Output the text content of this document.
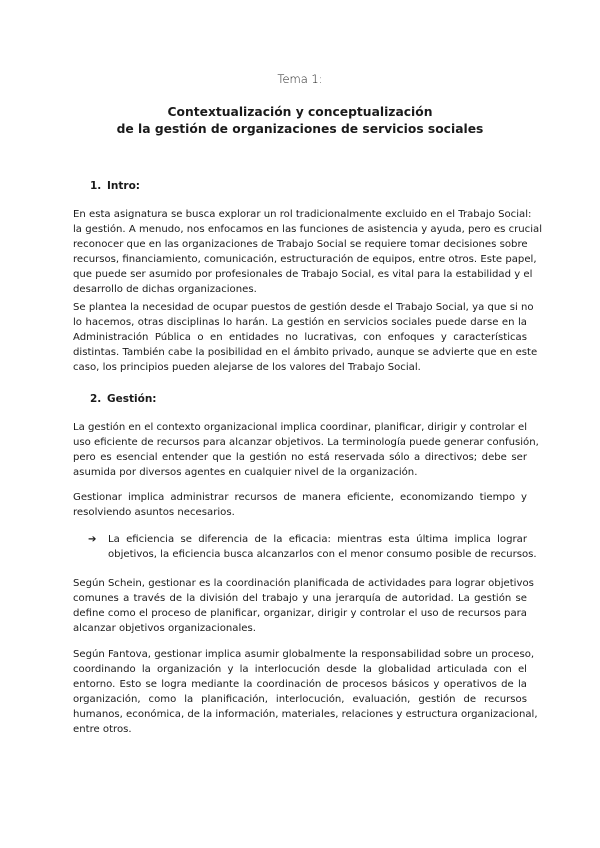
Tema 1:
Contextualización y conceptualización
de la gestión de organizaciones de servicios sociales
1. Intro:
En esta asignatura se busca explorar un rol tradicionalmente excluido en el Trabajo Social:
la gestión. A menudo, nos enfocamos en las funciones de asistencia y ayuda, pero es crucial
reconocer que en las organizaciones de Trabajo Social se requiere tomar decisiones sobre
recursos, financiamiento, comunicación, estructuración de equipos, entre otros. Este papel,
que puede ser asumido por profesionales de Trabajo Social, es vital para la estabilidad y el
desarrollo de dichas organizaciones.
Se plantea la necesidad de ocupar puestos de gestión desde el Trabajo Social, ya que si no
lo hacemos, otras disciplinas lo harán. La gestión en servicios sociales puede darse en la
Administración Pública o en entidades no lucrativas, con enfoques y características
distintas. También cabe la posibilidad en el ámbito privado, aunque se advierte que en este
caso, los principios pueden alejarse de los valores del Trabajo Social.
2. Gestión:
La gestión en el contexto organizacional implica coordinar, planificar, dirigir y controlar el
uso eficiente de recursos para alcanzar objetivos. La terminología puede generar confusión,
pero es esencial entender que la gestión no está reservada sólo a directivos; debe ser
asumida por diversos agentes en cualquier nivel de la organización.
Gestionar implica administrar recursos de manera eficiente, economizando tiempo y
resolviendo asuntos necesarios.
➔ La eficiencia se diferencia de la eficacia: mientras esta última implica lograr
objetivos, la eficiencia busca alcanzarlos con el menor consumo posible de recursos.
Según Schein, gestionar es la coordinación planificada de actividades para lograr objetivos
comunes a través de la división del trabajo y una jerarquía de autoridad. La gestión se
define como el proceso de planificar, organizar, dirigir y controlar el uso de recursos para
alcanzar objetivos organizacionales.
Según Fantova, gestionar implica asumir globalmente la responsabilidad sobre un proceso,
coordinando la organización y la interlocución desde la globalidad articulada con el
entorno. Esto se logra mediante la coordinación de procesos básicos y operativos de la
organización, como la planificación, interlocución, evaluación, gestión de recursos
humanos, económica, de la información, materiales, relaciones y estructura organizacional,
entre otros.
